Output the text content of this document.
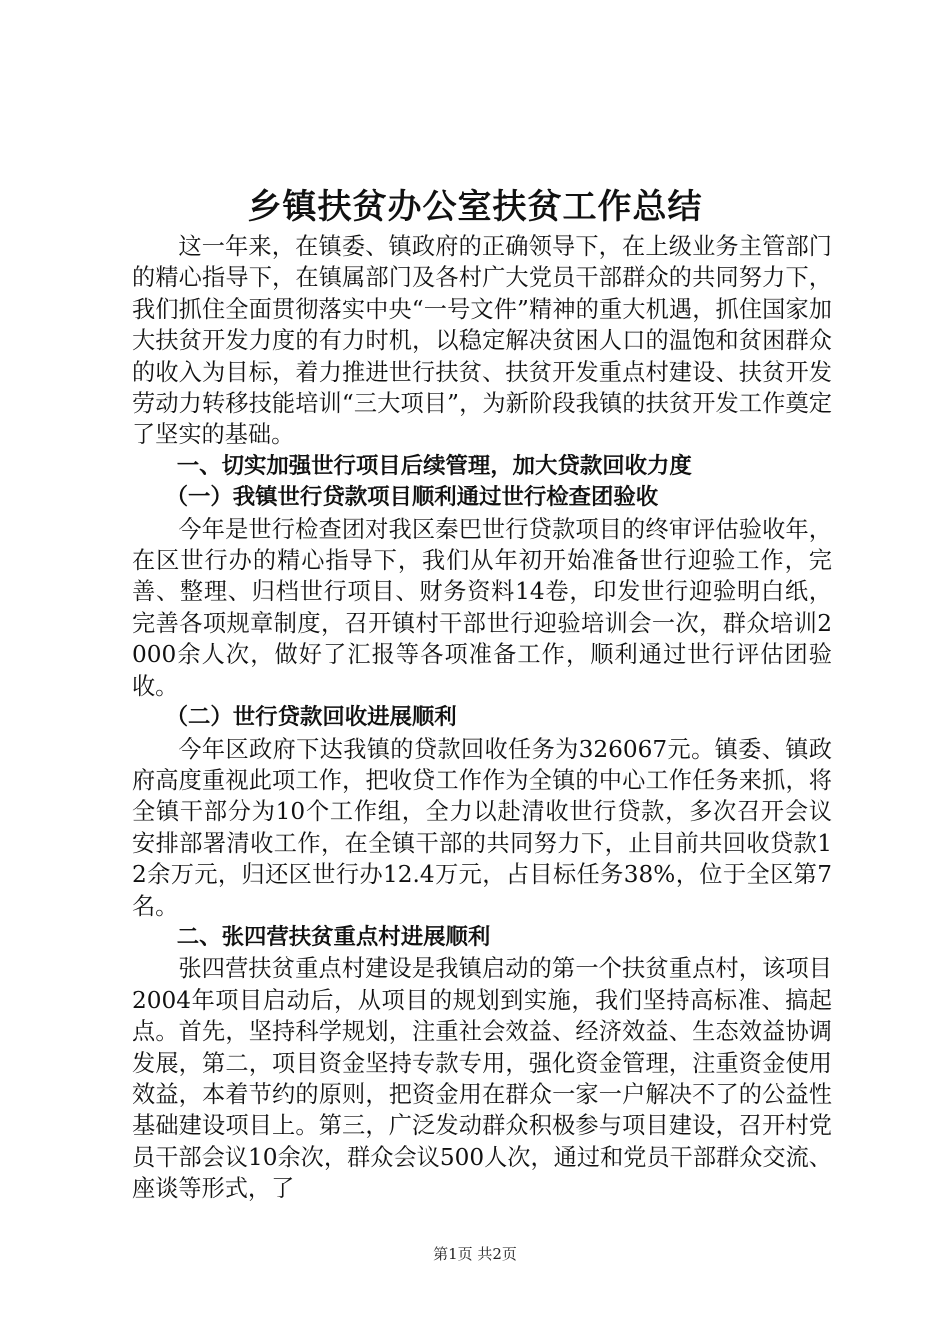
乡镇扶贫办公室扶贫工作总结

这一年来，在镇委、镇政府的正确领导下，在上级业务主管部门的精心指导下，在镇属部门及各村广大党员干部群众的共同努力下，我们抓住全面贯彻落实中央“一号文件”精神的重大机遇，抓住国家加大扶贫开发力度的有力时机，以稳定解决贫困人口的温饱和贫困群众的收入为目标，着力推进世行扶贫、扶贫开发重点村建设、扶贫开发劳动力转移技能培训“三大项目”，为新阶段我镇的扶贫开发工作奠定了坚实的基础。

一、切实加强世行项目后续管理，加大贷款回收力度
（一）我镇世行贷款项目顺利通过世行检查团验收

今年是世行检查团对我区秦巴世行贷款项目的终审评估验收年，在区世行办的精心指导下，我们从年初开始准备世行迎验工作，完善、整理、归档世行项目、财务资料14卷，印发世行迎验明白纸，完善各项规章制度，召开镇村干部世行迎验培训会一次，群众培训2000余人次，做好了汇报等各项准备工作，顺利通过世行评估团验收。

（二）世行贷款回收进展顺利

今年区政府下达我镇的贷款回收任务为326067元。镇委、镇政府高度重视此项工作，把收贷工作作为全镇的中心工作任务来抓，将全镇干部分为10个工作组，全力以赴清收世行贷款，多次召开会议安排部署清收工作，在全镇干部的共同努力下，止目前共回收贷款12余万元，归还区世行办12.4万元，占目标任务38%，位于全区第7名。

二、张四营扶贫重点村进展顺利

张四营扶贫重点村建设是我镇启动的第一个扶贫重点村，该项目2004年项目启动后，从项目的规划到实施，我们坚持高标准、搞起点。首先，坚持科学规划，注重社会效益、经济效益、生态效益协调发展，第二，项目资金坚持专款专用，强化资金管理，注重资金使用效益，本着节约的原则，把资金用在群众一家一户解决不了的公益性基础建设项目上。第三，广泛发动群众积极参与项目建设，召开村党员干部会议10余次，群众会议500人次，通过和党员干部群众交流、座谈等形式，了

第1页 共2页
